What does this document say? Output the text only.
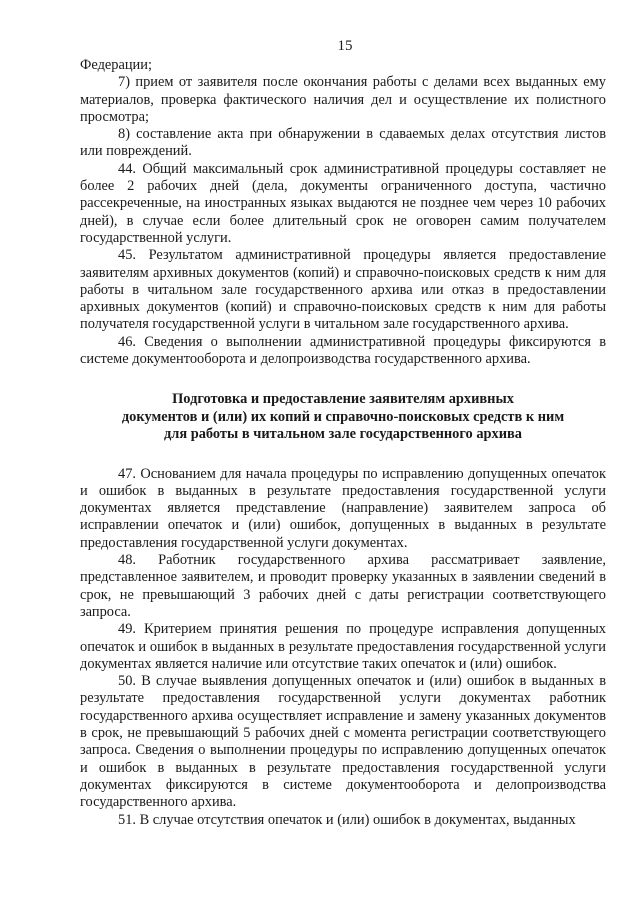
15

Федерации;

7) прием от заявителя после окончания работы с делами всех выданных ему материалов, проверка фактического наличия дел и осуществление их полистного просмотра;

8) составление акта при обнаружении в сдаваемых делах отсутствия листов или повреждений.

44. Общий максимальный срок административной процедуры составляет не более 2 рабочих дней (дела, документы ограниченного доступа, частично рассекреченные, на иностранных языках выдаются не позднее чем через 10 рабочих дней), в случае если более длительный срок не оговорен самим получателем государственной услуги.

45. Результатом административной процедуры является предоставление заявителям архивных документов (копий) и справочно-поисковых средств к ним для работы в читальном зале государственного архива или отказ в предоставлении архивных документов (копий) и справочно-поисковых средств к ним для работы получателя государственной услуги в читальном зале государственного архива.

46. Сведения о выполнении административной процедуры фиксируются в системе документооборота и делопроизводства государственного архива.

Подготовка и предоставление заявителям архивных
документов и (или) их копий и справочно-поисковых средств к ним
для работы в читальном зале государственного архива

47. Основанием для начала процедуры по исправлению допущенных опечаток и ошибок в выданных в результате предоставления государственной услуги документах является представление (направление) заявителем запроса об исправлении опечаток и (или) ошибок, допущенных в выданных в результате предоставления государственной услуги документах.

48. Работник государственного архива рассматривает заявление, представленное заявителем, и проводит проверку указанных в заявлении сведений в срок, не превышающий 3 рабочих дней с даты регистрации соответствующего запроса.

49. Критерием принятия решения по процедуре исправления допущенных опечаток и ошибок в выданных в результате предоставления государственной услуги документах является наличие или отсутствие таких опечаток и (или) ошибок.

50. В случае выявления допущенных опечаток и (или) ошибок в выданных в результате предоставления государственной услуги документах работник государственного архива осуществляет исправление и замену указанных документов в срок, не превышающий 5 рабочих дней с момента регистрации соответствующего запроса. Сведения о выполнении процедуры по исправлению допущенных опечаток и ошибок в выданных в результате предоставления государственной услуги документах фиксируются в системе документооборота и делопроизводства государственного архива.

51. В случае отсутствия опечаток и (или) ошибок в документах, выданных
